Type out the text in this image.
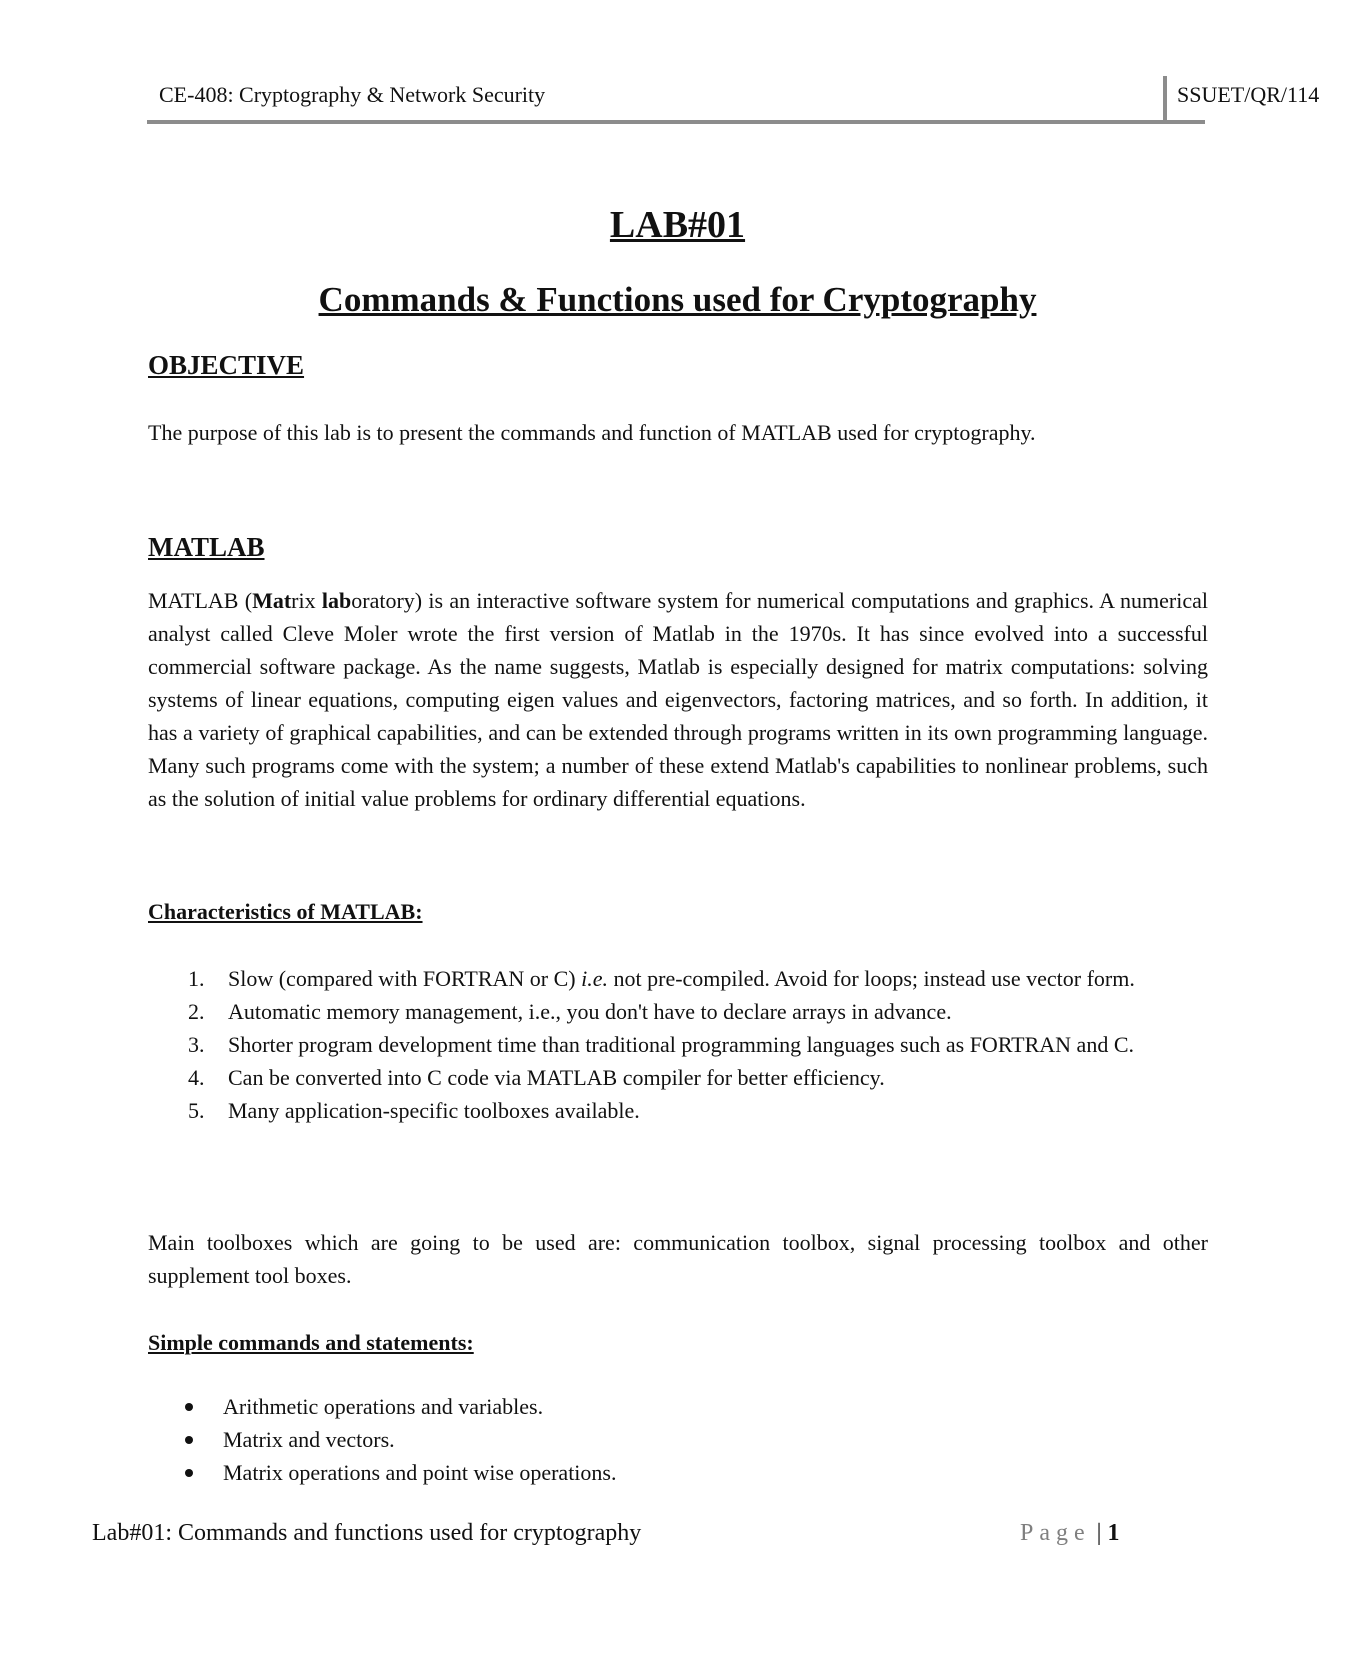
CE-408: Cryptography & Network Security	SSUET/QR/114
LAB#01
Commands & Functions used for Cryptography
OBJECTIVE
The purpose of this lab is to present the commands and function of MATLAB used for cryptography.
MATLAB

MATLAB (Matrix laboratory) is an interactive software system for numerical computations and graphics. A numerical analyst called Cleve Moler wrote the first version of Matlab in the 1970s. It has since evolved into a successful commercial software package. As the name suggests, Matlab is especially designed for matrix computations: solving systems of linear equations, computing eigen values and eigenvectors, factoring matrices, and so forth. In addition, it has a variety of graphical capabilities, and can be extended through programs written in its own programming language. Many such programs come with the system; a number of these extend Matlab's capabilities to nonlinear problems, such as the solution of initial value problems for ordinary differential equations.

Characteristics of MATLAB:
1. Slow (compared with FORTRAN or C) i.e. not pre-compiled. Avoid for loops; instead use vector form.
2. Automatic memory management, i.e., you don't have to declare arrays in advance.
3. Shorter program development time than traditional programming languages such as FORTRAN and C.
4. Can be converted into C code via MATLAB compiler for better efficiency.
5. Many application-specific toolboxes available.

Main toolboxes which are going to be used are: communication toolbox, signal processing toolbox and other supplement tool boxes.

Simple commands and statements:
Arithmetic operations and variables.
Matrix and vectors.
Matrix operations and point wise operations.
Lab#01: Commands and functions used for cryptography	Page | 1
